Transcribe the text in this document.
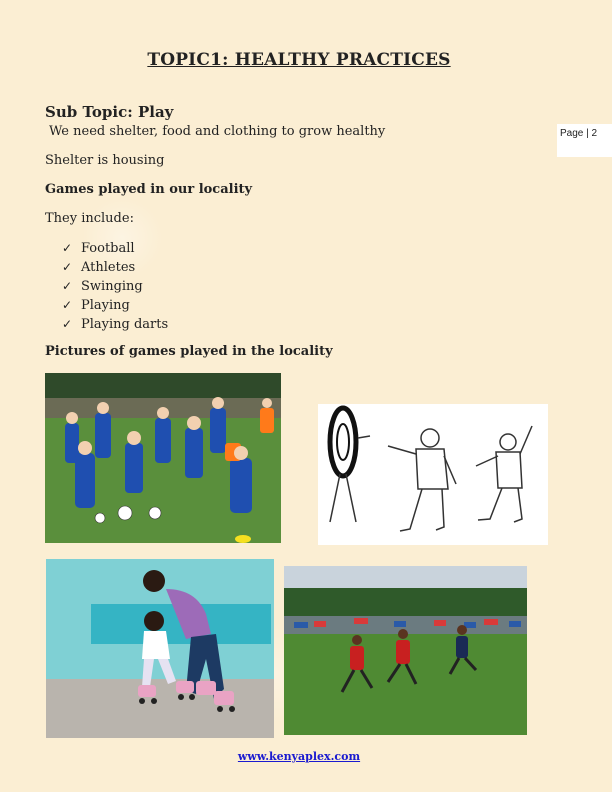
TOPIC1: HEALTHY PRACTICES
Sub Topic: Play
We need shelter, food and clothing to grow healthy	Page | 2
Shelter is housing
Games played in our locality
They include:
✓ Football
✓ Athletes
✓ Swinging
✓ Playing
✓ Playing darts
Pictures of games played in the locality
www.kenyaplex.com
